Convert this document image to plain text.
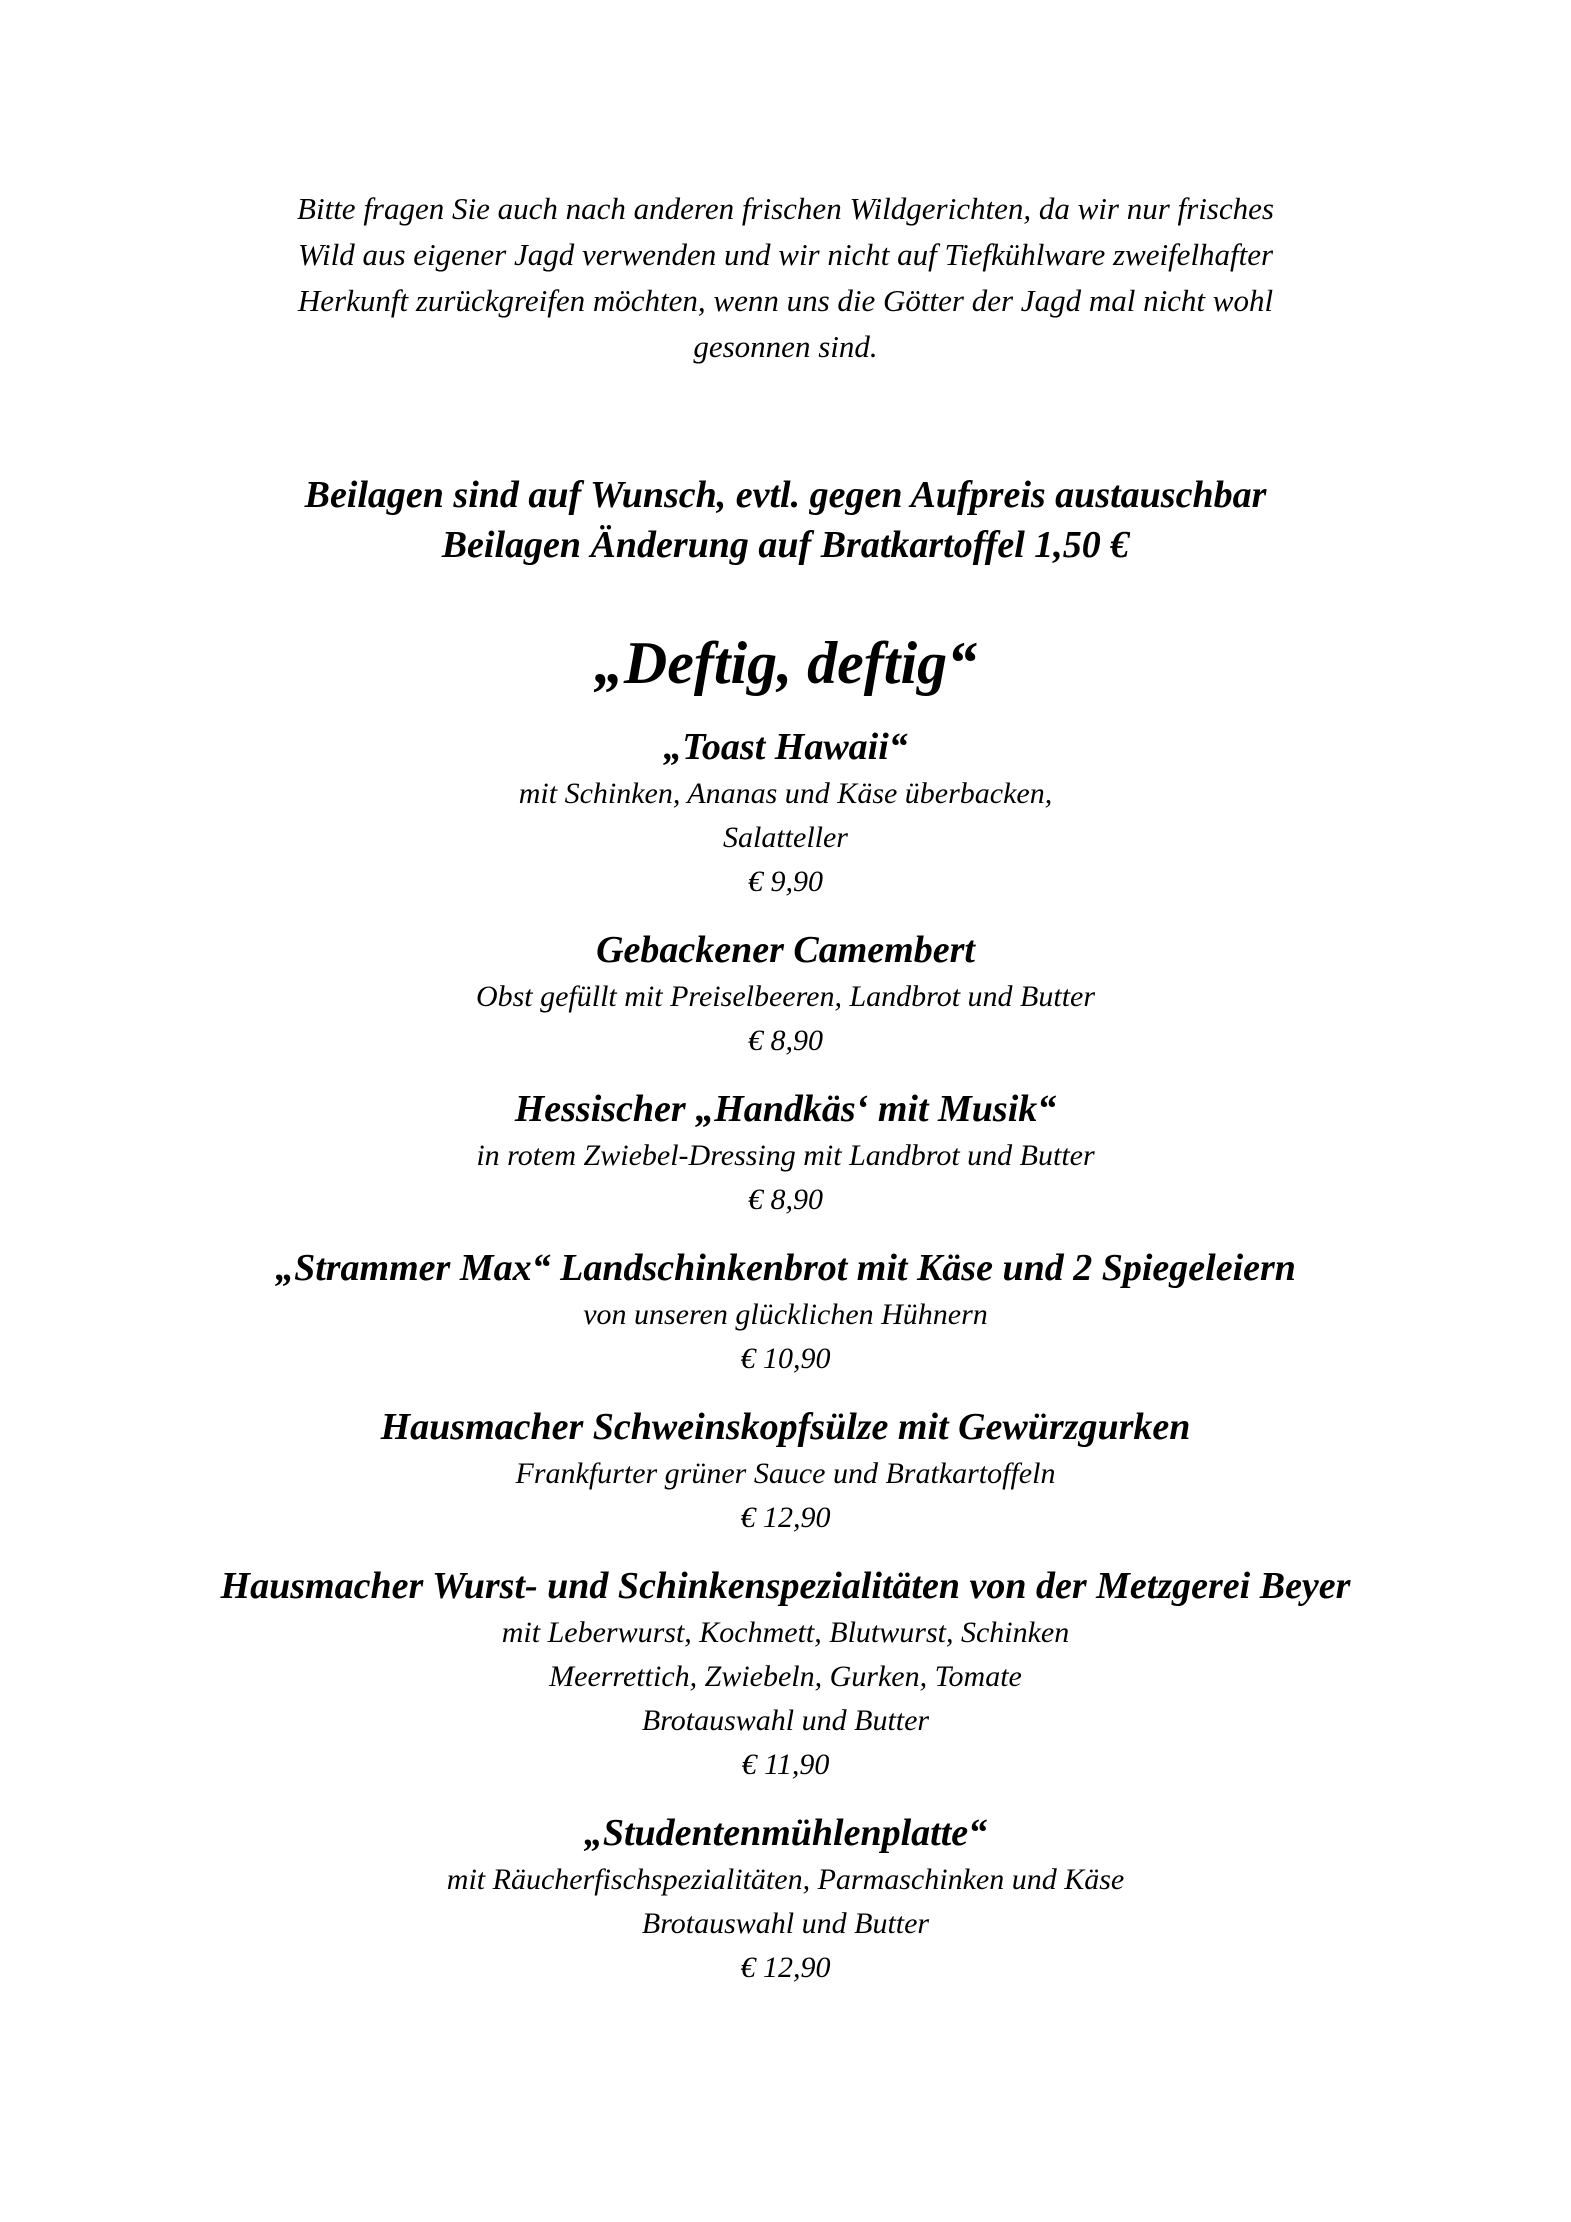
Bitte fragen Sie auch nach anderen frischen Wildgerichten, da wir nur frisches
Wild aus eigener Jagd verwenden und wir nicht auf Tiefkühlware zweifelhafter
Herkunft zurückgreifen möchten, wenn uns die Götter der Jagd mal nicht wohl
gesonnen sind.
Beilagen sind auf Wunsch, evtl. gegen Aufpreis austauschbar
Beilagen Änderung auf Bratkartoffel 1,50 €
„Deftig, deftig“
„Toast Hawaii“
mit Schinken, Ananas und Käse überbacken,
Salatteller
€ 9,90
Gebackener Camembert
Obst gefüllt mit Preiselbeeren, Landbrot und Butter
€ 8,90
Hessischer „Handkäs‘ mit Musik“
in rotem Zwiebel-Dressing mit Landbrot und Butter
€ 8,90
„Strammer Max“ Landschinkenbrot mit Käse und 2 Spiegeleiern
von unseren glücklichen Hühnern
€ 10,90
Hausmacher Schweinskopfsülze mit Gewürzgurken
Frankfurter grüner Sauce und Bratkartoffeln
€ 12,90
Hausmacher Wurst- und Schinkenspezialitäten von der Metzgerei Beyer
mit Leberwurst, Kochmett, Blutwurst, Schinken
Meerrettich, Zwiebeln, Gurken, Tomate
Brotauswahl und Butter
€ 11,90
„Studentenmühlenplatte“
mit Räucherfischspezialitäten, Parmaschinken und Käse
Brotauswahl und Butter
€ 12,90
